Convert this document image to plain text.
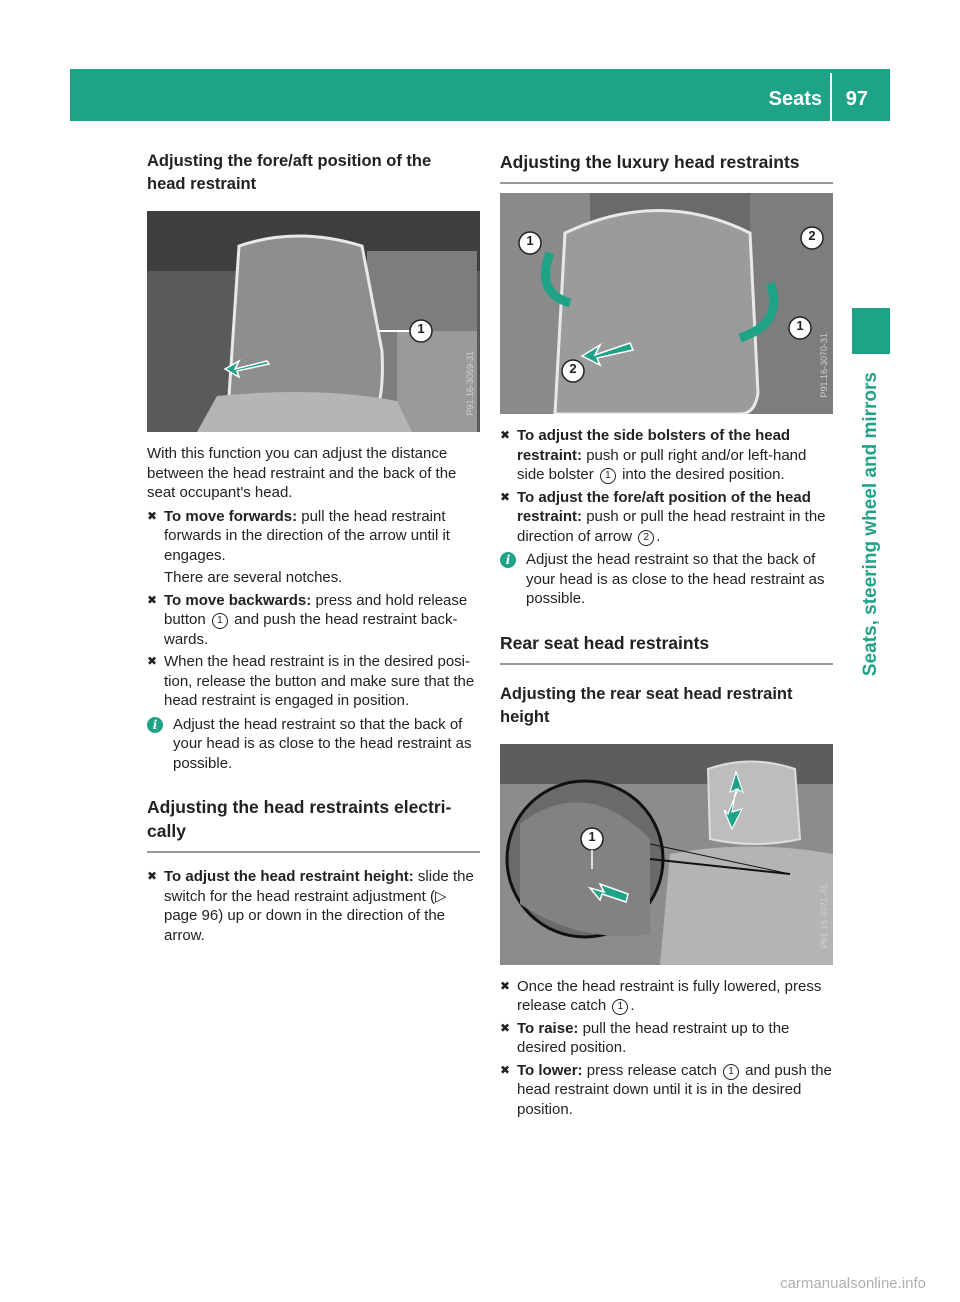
Seats 97
Seats, steering wheel and mirrors
Adjusting the fore/aft position of the head restraint
1
P91.16-3069-31

With this function you can adjust the distance between the head restraint and the back of the seat occupant's head.

✖ To move forwards: pull the head restraint forwards in the direction of the arrow until it engages.

There are several notches.

✖ To move backwards: press and hold release button 1 and push the head restraint back-wards.
✖ When the head restraint is in the desired posi-tion, release the button and make sure that the head restraint is engaged in position.
i	Adjust the head restraint so that the back of your head is as close to the head restraint as possible.
Adjusting the head restraints electri-cally
✖ To adjust the head restraint height: slide the switch for the head restraint adjustment (▷ page 96) up or down in the direction of the arrow.
Adjusting the luxury head restraints
1	2
1
2	P91.16-3070-31
✖ To adjust the side bolsters of the head restraint: push or pull right and/or left-hand side bolster 1 into the desired position.
✖ To adjust the fore/aft position of the head restraint: push or pull the head restraint in the direction of arrow 2 .
i	Adjust the head restraint so that the back of your head is as close to the head restraint as possible.
Rear seat head restraints
Adjusting the rear seat head restraint height
1
P91.16-3071-31
✖ Once the head restraint is fully lowered, press release catch 1 .
✖ To raise: pull the head restraint up to the desired position.
✖ To lower: press release catch 1 and push the head restraint down until it is in the desired position.
carmanualsonline.info
